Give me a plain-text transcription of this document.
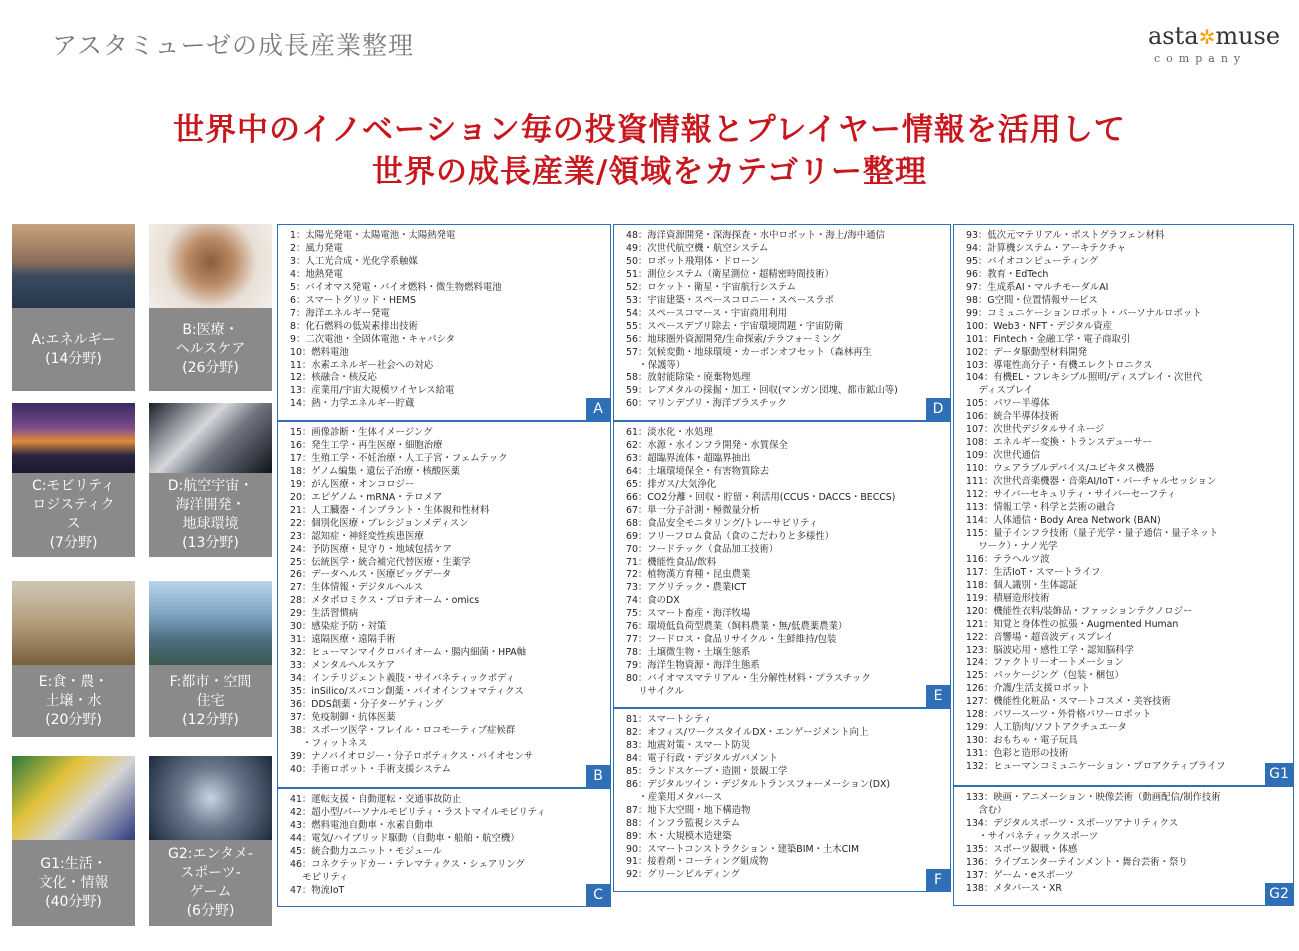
アスタミューゼの成長産業整理	asta✲muse
company
世界中のイノベーション毎の投資情報とプレイヤー情報を活用して
世界の成長産業/領域をカテゴリー整理
A:エネルギー
(14分野)
B:医療・
ヘルスケア
(26分野)
C:モビリティ
ロジスティク
ス
(7分野)
D:航空宇宙・
海洋開発・
地球環境
(13分野)
E:食・農・
土壌・水
(20分野)
F:都市・空間
住宅
(12分野)
G1:生活・
文化・情報
(40分野)
G2:エンタメ-
スポーツ-
ゲーム
(6分野)
1：太陽光発電・太陽電池・太陽熱発電
2：風力発電
3：人工光合成・光化学系触媒
4：地熱発電
5：バイオマス発電・バイオ燃料・微生物燃料電池
6：スマートグリッド・HEMS
7：海洋エネルギー発電
8：化石燃料の低炭素排出技術
9：二次電池・全固体電池・キャパシタ
10：燃料電池
11：水素エネルギー社会への対応
12：核融合・核反応
13：産業用/宇宙大規模ワイヤレス給電
14：熱・力学エネルギー貯蔵	A
15：画像診断・生体イメージング
16：発生工学・再生医療・細胞治療
17：生殖工学・不妊治療・人工子宮・フェムテック
18：ゲノム編集・遺伝子治療・核酸医薬
19：がん医療・オンコロジー
20：エピゲノム・mRNA・テロメア
21：人工臓器・インプラント・生体親和性材料
22：個別化医療・プレシジョンメディスン
23：認知症・神経変性疾患医療
24：予防医療・見守り・地域包括ケア
25：伝統医学・統合補完代替医療・生薬学
26：データヘルス・医療ビッグデータ
27：生体情報・デジタルヘルス
28：メタボロミクス・プロテオーム・omics
29：生活習慣病
30：感染症予防・対策
31：遠隔医療・遠隔手術
32：ヒューマンマイクロバイオーム・腸内細菌・HPA軸
33：メンタルヘルスケア
34：インテリジェント義肢・サイバネティックボディ
35：inSilico/スパコン創薬・バイオインフォマティクス
36：DDS創薬・分子ターゲティング
37：免疫制御・抗体医薬
38：スポーツ医学・フレイル・ロコモーティブ症候群
　 ・フィットネス
39：ナノバイオロジー・分子ロボティクス・バイオセンサ
40：手術ロボット・手術支援システム	B
41：運転支援・自動運転・交通事故防止
42：超小型/パーソナルモビリティ・ラストマイルモビリティ
43：燃料電池自動車・水素自動車
44：電気/ハイブリッド駆動（自動車・船舶・航空機）
45：統合動力ユニット・モジュール
46：コネクテッドカー・テレマティクス・シェアリング
　 モビリティ
47：物流IoT	C
48：海洋資源開発・深海探査・水中ロボット・海上/海中通信
49：次世代航空機・航空システム
50：ロボット飛翔体・ドローン
51：測位システム（衛星測位・超精密時間技術）
52：ロケット・衛星・宇宙航行システム
53：宇宙建築・スペースコロニー・スペースラボ
54：スペースコマース・宇宙商用利用
55：スペースデブリ除去・宇宙環境問題・宇宙防衛
56：地球圏外資源開発/生命探索/テラフォーミング
57：気候変動・地球環境・カーボンオフセット（森林再生
　 ・保護等）
58：放射能除染・廃棄物処理
59：レアメタルの採掘・加工・回収(マンガン団塊、都市鉱山等)
60：マリンデブリ・海洋プラスチック	D
61：淡水化・水処理
62：水源・水インフラ開発・水質保全
63：超臨界流体・超臨界抽出
64：土壌環境保全・有害物質除去
65：排ガス/大気浄化
66：CO2分離・回収・貯留・利活用(CCUS・DACCS・BECCS)
67：単一分子計測・極微量分析
68：食品安全モニタリング/トレーサビリティ
69：フリーフロム食品（食のこだわりと多様性）
70：フードテック（食品加工技術）
71：機能性食品/飲料
72：植物漢方育種・昆虫農業
73：アグリテック・農業ICT
74：食のDX
75：スマート畜産・海洋牧場
76：環境低負荷型農業（飼料農業・無/低農薬農業）
77：フードロス・食品リサイクル・生鮮維持/包装
78：土壌微生物・土壌生態系
79：海洋生物資源・海洋生態系
80：バイオマスマテリアル・生分解性材料・プラスチック
　 リサイクル	E
81：スマートシティ
82：オフィス/ワークスタイルDX・エンゲージメント向上
83：地震対策・スマート防災
84：電子行政・デジタルガバメント
85：ランドスケープ・造園・景観工学
86：デジタルツイン・デジタルトランスフォーメーション(DX)
　 ・産業用メタバース
87：地下大空間・地下構造物
88：インフラ監視システム
89：木・大規模木造建築
90：スマートコンストラクション・建築BIM・土木CIM
91：接着剤・コーティング組成物
92：グリーンビルディング	F
93：低次元マテリアル・ポストグラフェン材料
94：計算機システム・アーキテクチャ
95：バイオコンピューティング
96：教育・EdTech
97：生成系AI・マルチモーダルAI
98：G空間・位置情報サービス
99：コミュニケーションロボット・パーソナルロボット
100：Web3・NFT・デジタル資産
101：Fintech・金融工学・電子商取引
102：データ駆動型材料開発
103：導電性高分子・有機エレクトロニクス
104：有機EL・フレキシブル照明/ディスプレイ・次世代
　 ディスプレイ
105：パワー半導体
106：統合半導体技術
107：次世代デジタルサイネージ
108：エネルギー変換・トランスデューサー
109：次世代通信
110：ウェアラブルデバイス/ユビキタス機器
111：次世代音楽機器・音楽AI/IoT・バーチャルセッション
112：サイバーセキュリティ・サイバーセーフティ
113：情報工学・科学と芸術の融合
114：人体通信・Body Area Network (BAN)
115：量子インフラ技術（量子光学・量子通信・量子ネット
　 ワーク）・ナノ光学
116：テラヘルツ波
117：生活IoT・スマートライフ
118：個人識別・生体認証
119：積層造形技術
120：機能性衣料/装飾品・ファッションテクノロジー
121：知覚と身体性の拡張・Augmented Human
122：音響場・超音波ディスプレイ
123：脳波応用・感性工学・認知脳科学
124：ファクトリーオートメーション
125：パッケージング（包装・梱包）
126：介護/生活支援ロボット
127：機能性化粧品・スマートコスメ・美容技術
128：パワースーツ・外骨格パワーロボット
129：人工筋肉/ソフトアクチュエータ
130：おもちゃ・電子玩具
131：色彩と造形の技術
132：ヒューマンコミュニケーション・プロアクティブライフ	G1
133：映画・アニメーション・映像芸術（動画配信/制作技術
　 含む）
134：デジタルスポーツ・スポーツアナリティクス
　 ・サイバネティックスポーツ
135：スポーツ観戦・体感
136：ライブエンターテインメント・舞台芸術・祭り
137：ゲーム・eスポーツ
138：メタバース・XR	G2
